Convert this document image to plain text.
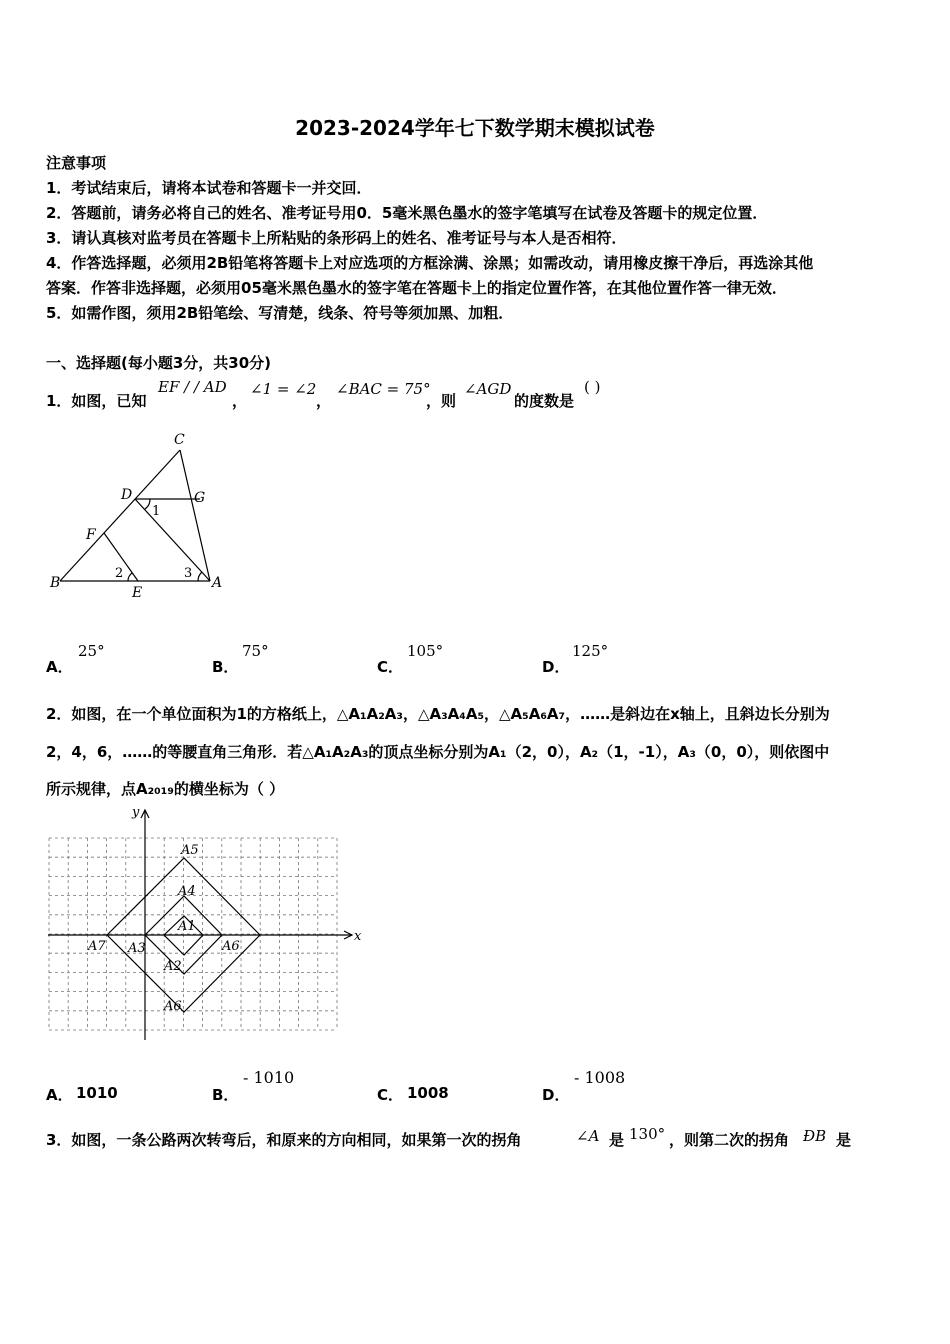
2023-2024学年七下数学期末模拟试卷
注意事项
1．考试结束后，请将本试卷和答题卡一并交回．
2．答题前，请务必将自己的姓名、准考证号用0．5毫米黑色墨水的签字笔填写在试卷及答题卡的规定位置．
3．请认真核对监考员在答题卡上所粘贴的条形码上的姓名、准考证号与本人是否相符．
4．作答选择题，必须用2B铅笔将答题卡上对应选项的方框涂满、涂黑；如需改动，请用橡皮擦干净后，再选涂其他
答案．作答非选择题，必须用05毫米黑色墨水的签字笔在答题卡上的指定位置作答，在其他位置作答一律无效．
5．如需作图，须用2B铅笔绘、写清楚，线条、符号等须加黑、加粗．
一、选择题(每小题3分，共30分)
1．如图，已知
EF / / AD
，
∠1 = ∠2
，
∠BAC = 75°
，则
∠AGD
的度数是
( )
C
D	G
1
F
B
2
E
3
A
A．
25°
B．
75°
C．
105°
D．
125°
2．如图，在一个单位面积为1的方格纸上，△A₁A₂A₃，△A₃A₄A₅，△A₅A₆A₇，……是斜边在x轴上，且斜边长分别为
2，4，6，……的等腰直角三角形．若△A₁A₂A₃的顶点坐标分别为A₁（2，0），A₂（1，-1），A₃（0，0），则依图中
所示规律，点A₂₀₁₉的横坐标为（ ）
y
x
A5
A4
A1
A7 A3	A6
A2
A6
A． 1010	B．
- 1010
C． 1008	D．
- 1008
3．如图，一条公路两次转弯后，和原来的方向相同，如果第一次的拐角	∠A 是 130° ，则第二次的拐角 ÐB 是
